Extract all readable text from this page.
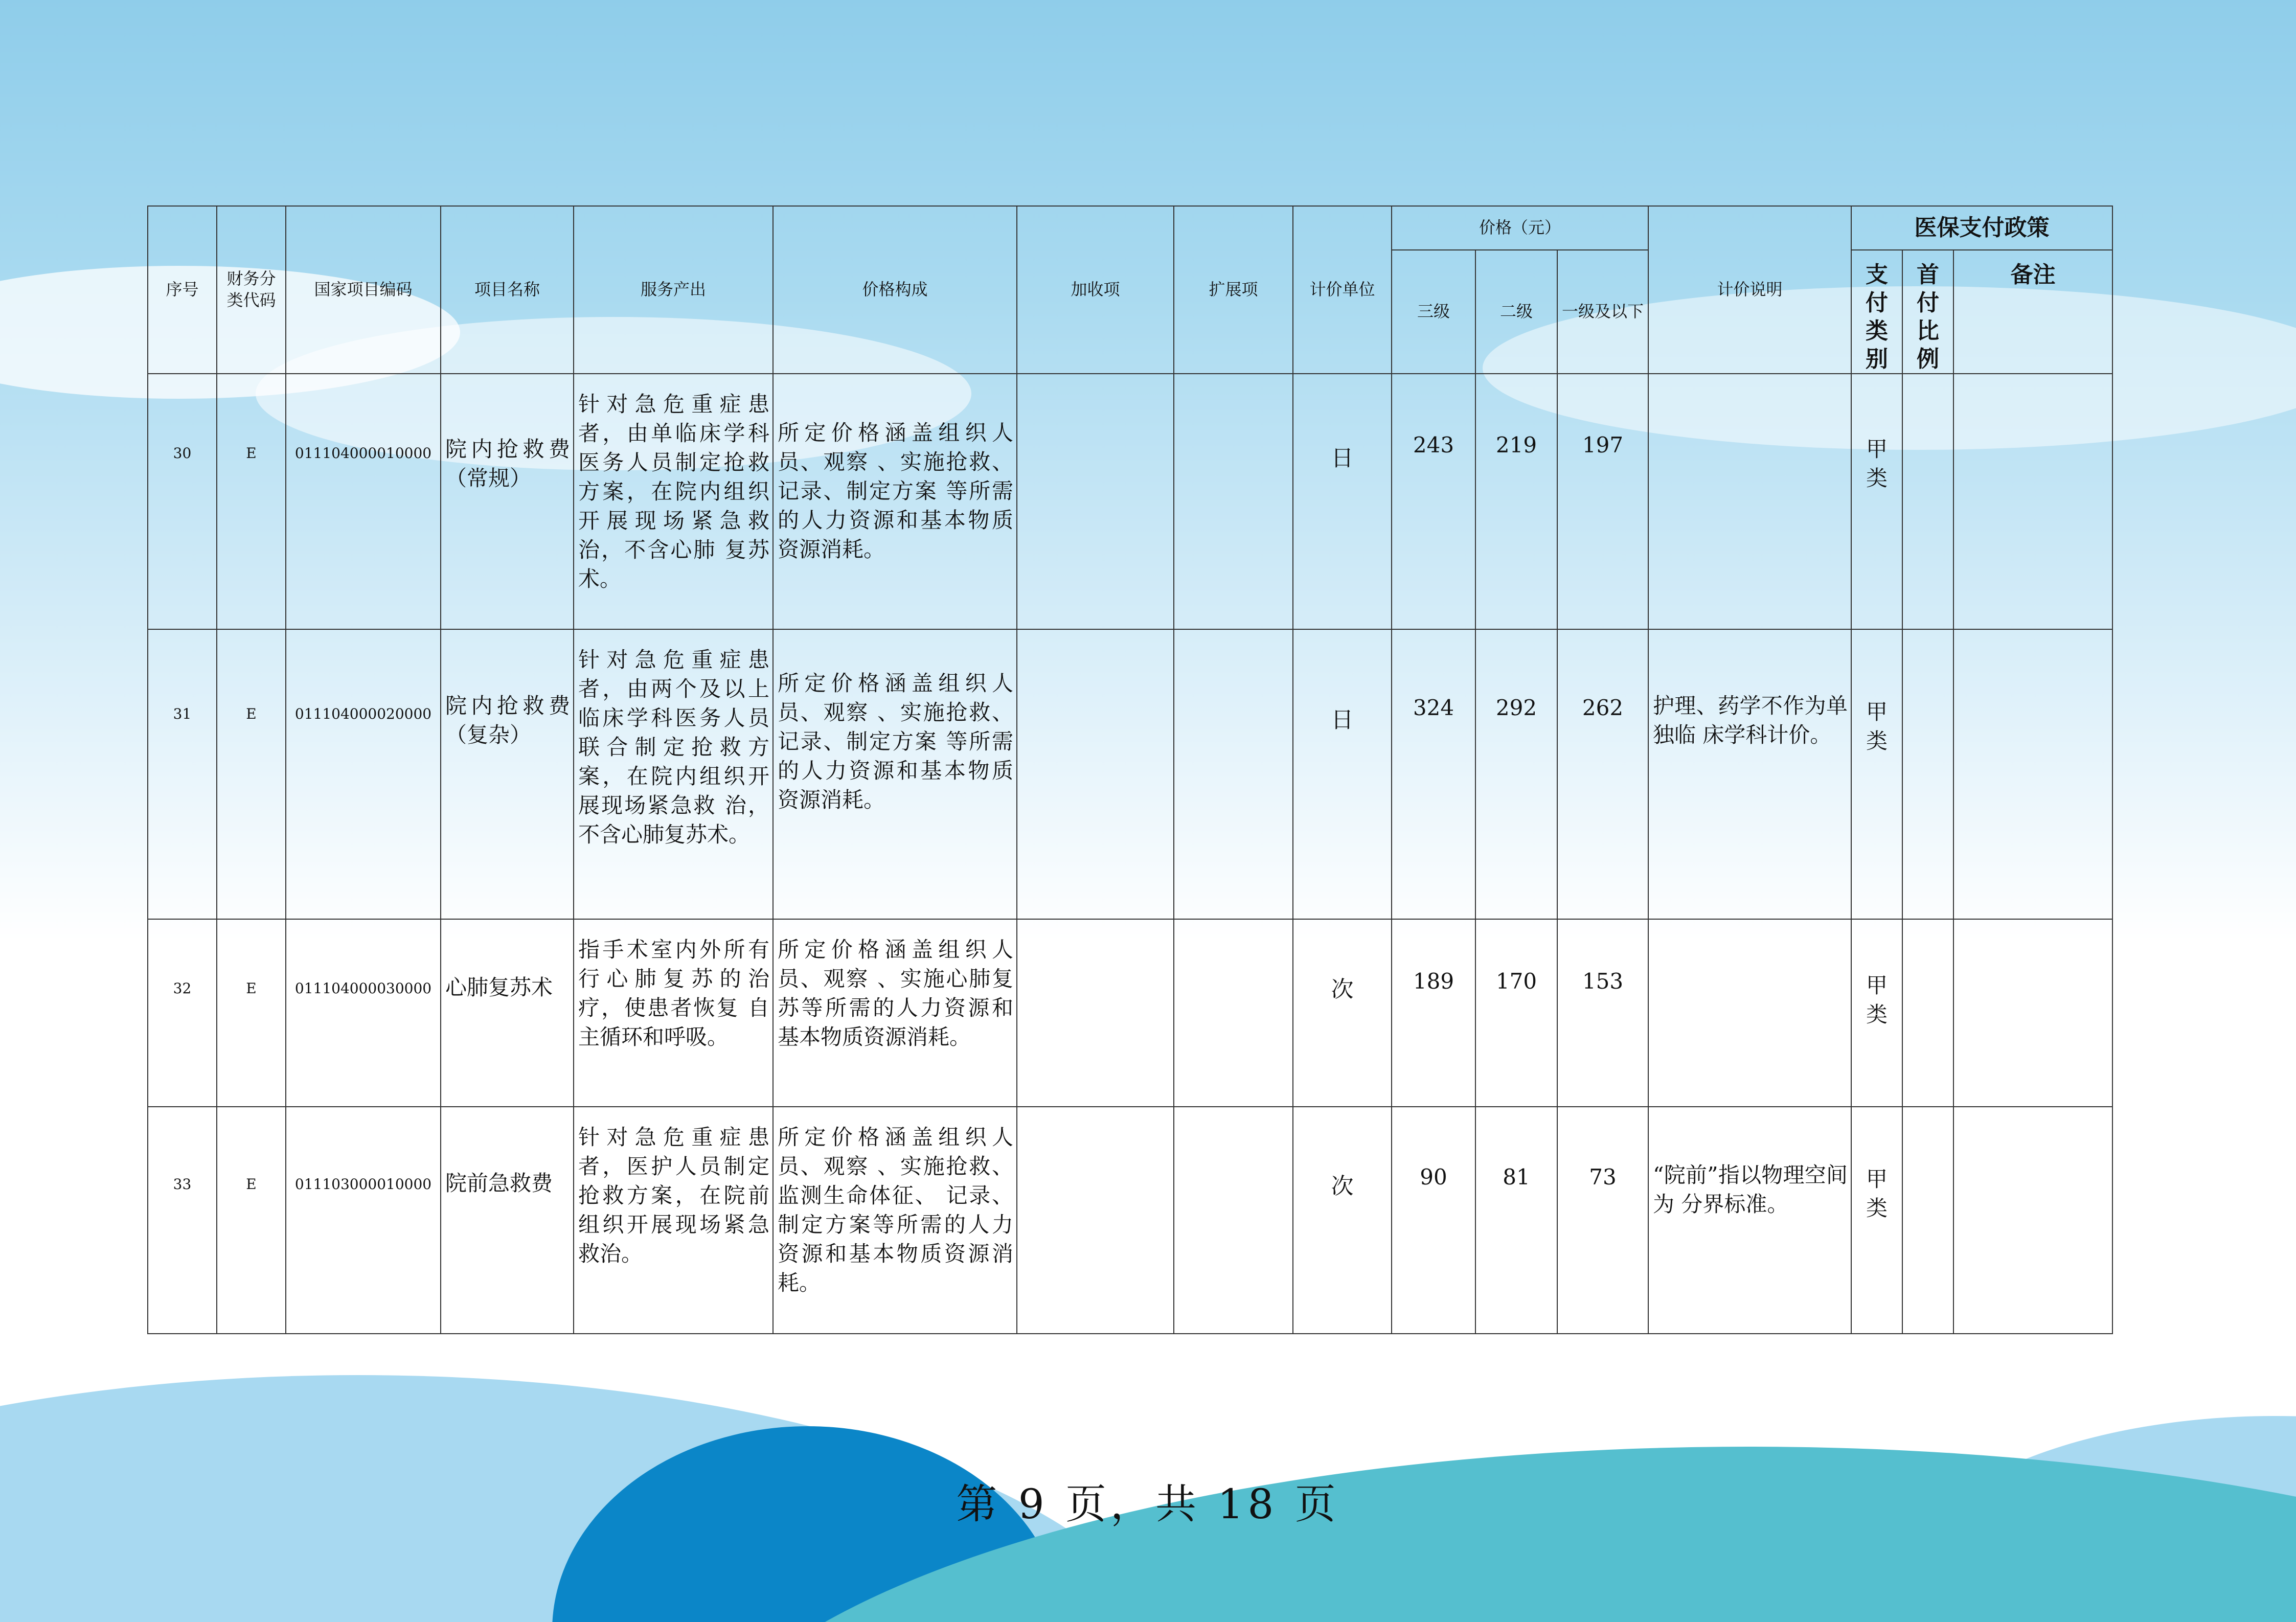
序号	财务分类代码	国家项目编码	项目名称	服务产出	价格构成	加收项	扩展项	计价单位	价格（元）			计价说明	医保支付政策		
									三级	二级	一级及以下		支付类别	首付比例	备注
30	E	011104000010000	院内抢救费（常规）	针对急危重症患者，由单临床学科医务人员制定抢救方案，在院内组织开展现场紧急救治，不含心肺 复苏术。	所定价格涵盖组织人员、观察 、实施抢救、记录、制定方案 等所需的人力资源和基本物质 资源消耗。			日	243	219	197		甲类		
31	E	011104000020000	院内抢救费（复杂）	针对急危重症患者，由两个及以上临床学科医务人员联合制定抢救方案，在院内组织开展现场紧急救 治，不含心肺复苏术。	所定价格涵盖组织人员、观察 、实施抢救、记录、制定方案 等所需的人力资源和基本物质 资源消耗。			日	324	292	262	护理、药学不作为单独临 床学科计价。	甲类		
32	E	011104000030000	心肺复苏术	指手术室内外所有行心肺复苏的治疗，使患者恢复 自主循环和呼吸。	所定价格涵盖组织人员、观察 、实施心肺复苏等所需的人力资源和基本物质资源消耗。			次	189	170	153		甲类		
33	E	011103000010000	院前急救费	针对急危重症患者，医护人员制定抢救方案，在院前组织开展现场紧急救治。	所定价格涵盖组织人员、观察 、实施抢救、监测生命体征、 记录、制定方案等所需的人力 资源和基本物质资源消耗。			次	90	81	73	“院前”指以物理空间为 分界标准。	甲类		
第 9 页，共 18 页
